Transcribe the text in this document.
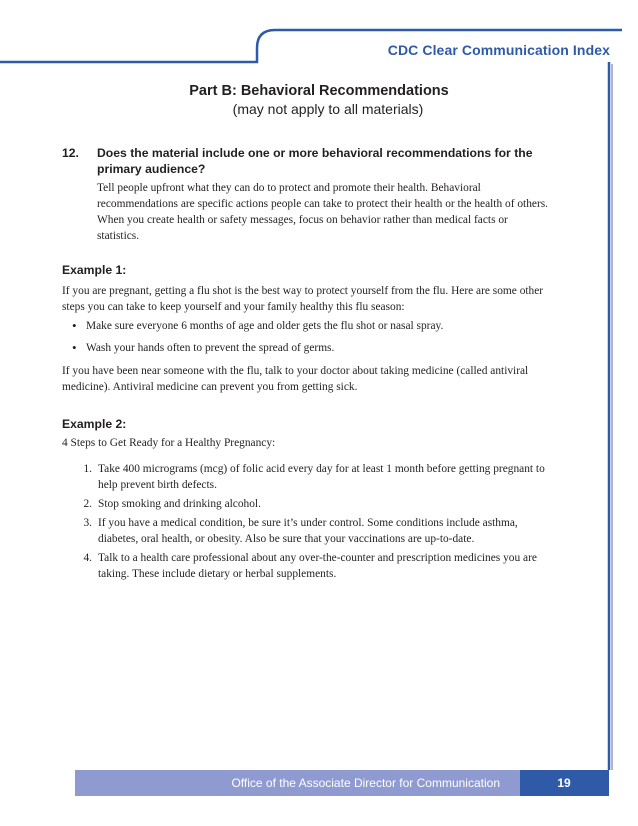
CDC Clear Communication Index
Part B: Behavioral Recommendations
(may not apply to all materials)
12.	Does the material include one or more behavioral recommendations for the primary audience?
Tell people upfront what they can do to protect and promote their health. Behavioral recommendations are specific actions people can take to protect their health or the health of others. When you create health or safety messages, focus on behavior rather than medical facts or statistics.
Example 1:
If you are pregnant, getting a flu shot is the best way to protect yourself from the flu. Here are some other steps you can take to keep yourself and your family healthy this flu season:
• Make sure everyone 6 months of age and older gets the flu shot or nasal spray.
• Wash your hands often to prevent the spread of germs.
If you have been near someone with the flu, talk to your doctor about taking medicine (called antiviral medicine). Antiviral medicine can prevent you from getting sick.
Example 2:
4 Steps to Get Ready for a Healthy Pregnancy:
1. Take 400 micrograms (mcg) of folic acid every day for at least 1 month before getting pregnant to help prevent birth defects.
2. Stop smoking and drinking alcohol.
3. If you have a medical condition, be sure it’s under control. Some conditions include asthma, diabetes, oral health, or obesity. Also be sure that your vaccinations are up-to-date.
4. Talk to a health care professional about any over-the-counter and prescription medicines you are taking. These include dietary or herbal supplements.
Office of the Associate Director for Communication	19
